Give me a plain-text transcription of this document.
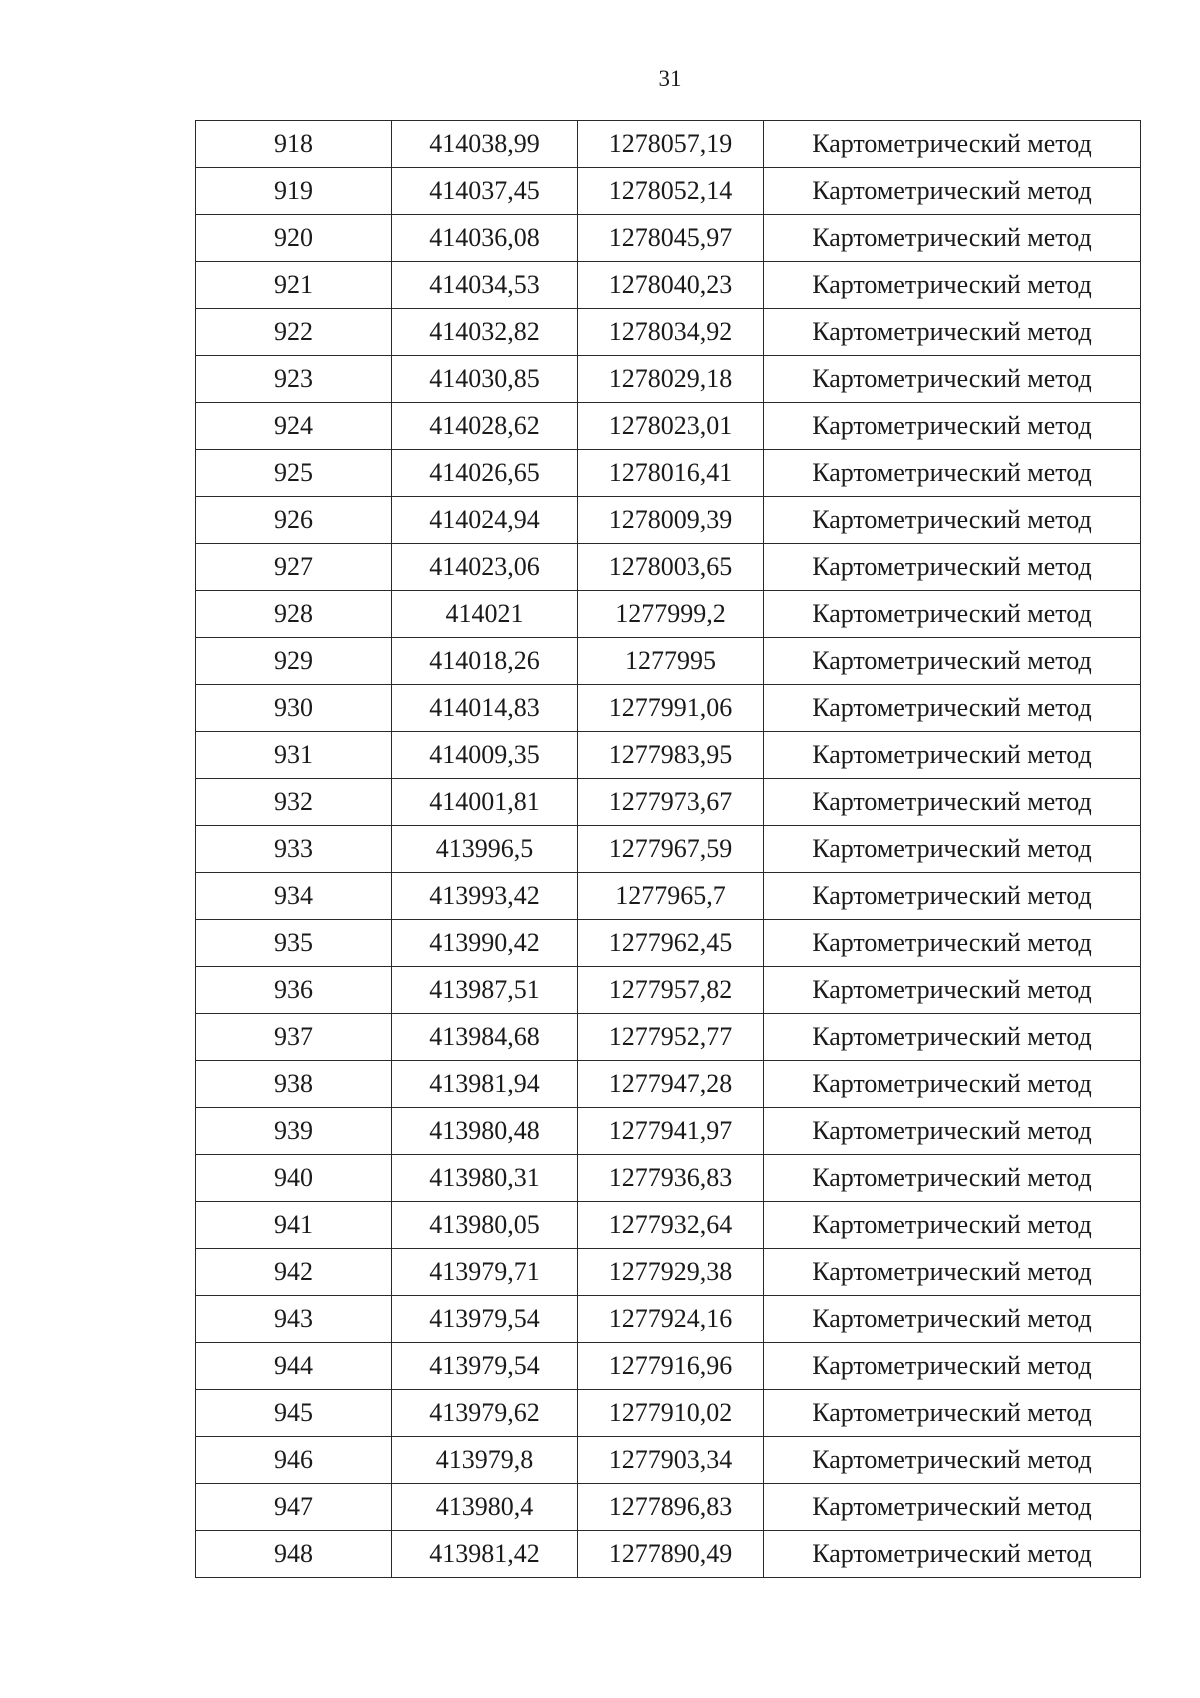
31
918	414038,99	1278057,19	Картометрический метод
919	414037,45	1278052,14	Картометрический метод
920	414036,08	1278045,97	Картометрический метод
921	414034,53	1278040,23	Картометрический метод
922	414032,82	1278034,92	Картометрический метод
923	414030,85	1278029,18	Картометрический метод
924	414028,62	1278023,01	Картометрический метод
925	414026,65	1278016,41	Картометрический метод
926	414024,94	1278009,39	Картометрический метод
927	414023,06	1278003,65	Картометрический метод
928	414021	1277999,2	Картометрический метод
929	414018,26	1277995	Картометрический метод
930	414014,83	1277991,06	Картометрический метод
931	414009,35	1277983,95	Картометрический метод
932	414001,81	1277973,67	Картометрический метод
933	413996,5	1277967,59	Картометрический метод
934	413993,42	1277965,7	Картометрический метод
935	413990,42	1277962,45	Картометрический метод
936	413987,51	1277957,82	Картометрический метод
937	413984,68	1277952,77	Картометрический метод
938	413981,94	1277947,28	Картометрический метод
939	413980,48	1277941,97	Картометрический метод
940	413980,31	1277936,83	Картометрический метод
941	413980,05	1277932,64	Картометрический метод
942	413979,71	1277929,38	Картометрический метод
943	413979,54	1277924,16	Картометрический метод
944	413979,54	1277916,96	Картометрический метод
945	413979,62	1277910,02	Картометрический метод
946	413979,8	1277903,34	Картометрический метод
947	413980,4	1277896,83	Картометрический метод
948	413981,42	1277890,49	Картометрический метод
